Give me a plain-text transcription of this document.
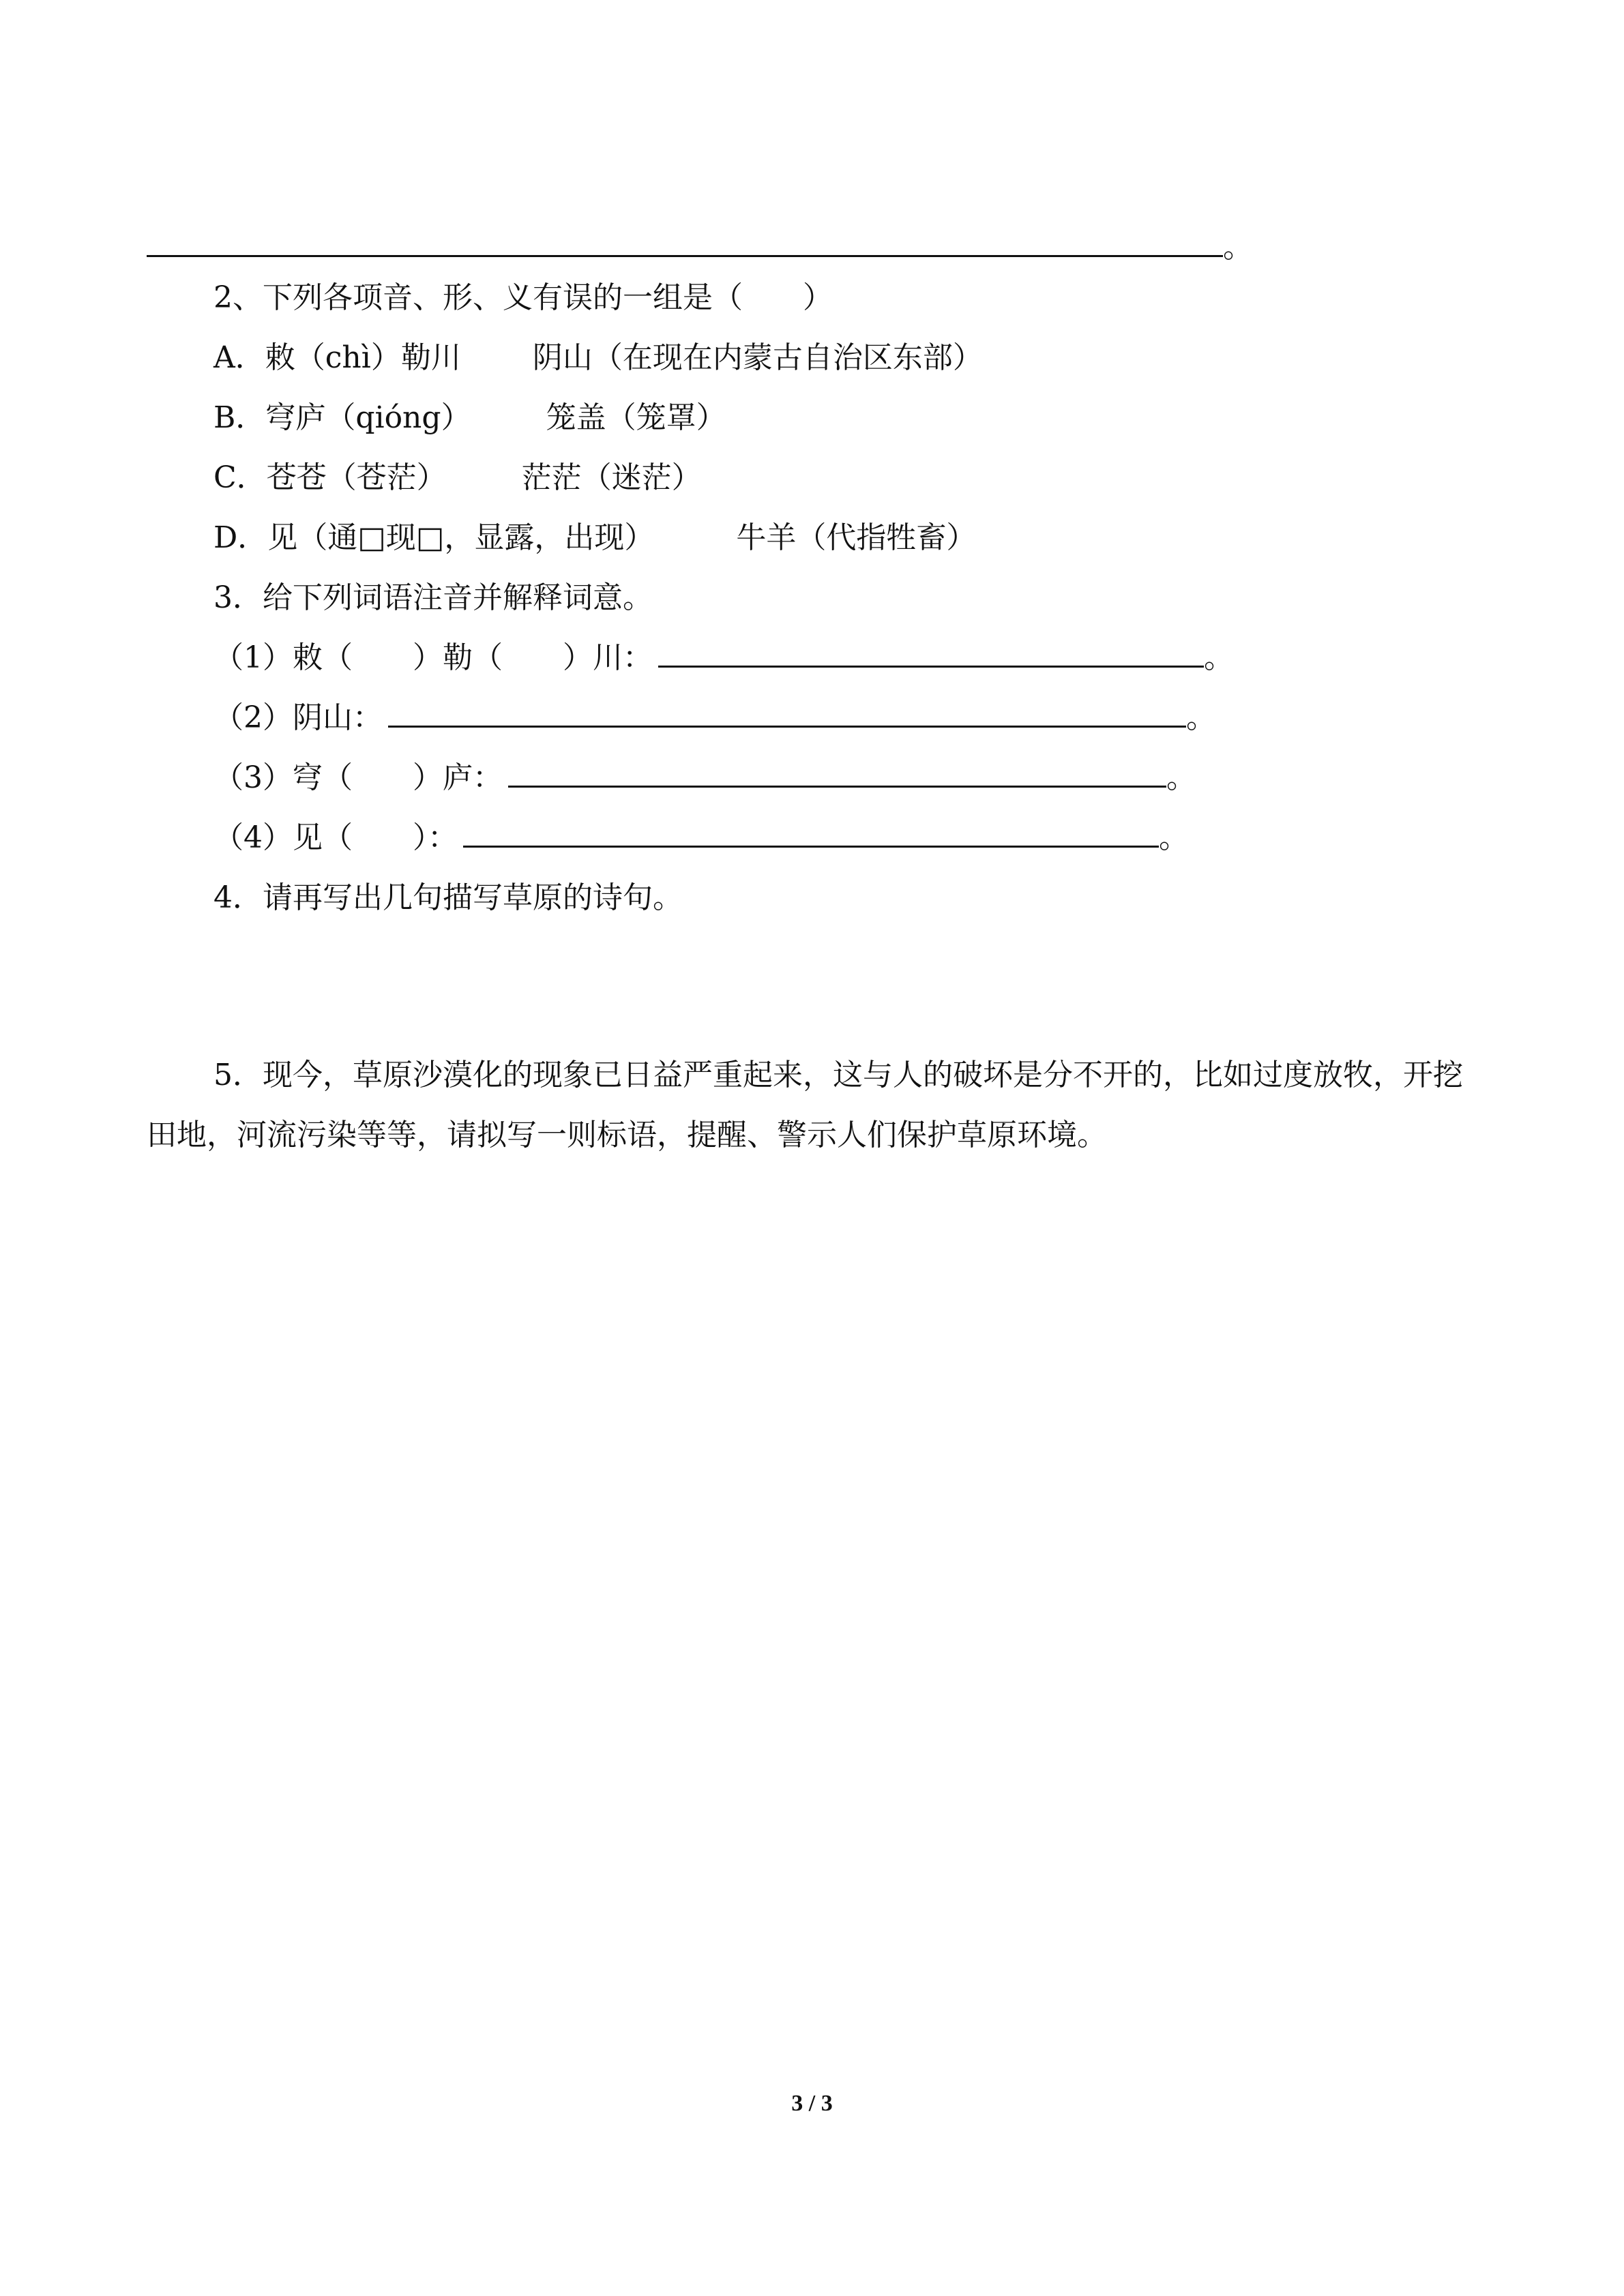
。
2、下列各项音、形、义有误的一组是（　　）
A．敕（chì）勒川 阴山（在现在内蒙古自治区东部）
B．穹庐（qióng）	笼盖（笼罩）
C．苍苍（苍茫）	茫茫（迷茫）
D．见（通□现□，显露，出现）	牛羊（代指牲畜）
3．给下列词语注音并解释词意。
（1）敕（　　）勒（　　）川：	。
（2）阴山：	。
（3）穹（　　）庐：	。
（4）见（　　）：	。
4．请再写出几句描写草原的诗句。
5．现今，草原沙漠化的现象已日益严重起来，这与人的破坏是分不开的，比如过度放牧，开挖田地，河流污染等等，请拟写一则标语，提醒、警示人们保护草原环境。
3 / 3
